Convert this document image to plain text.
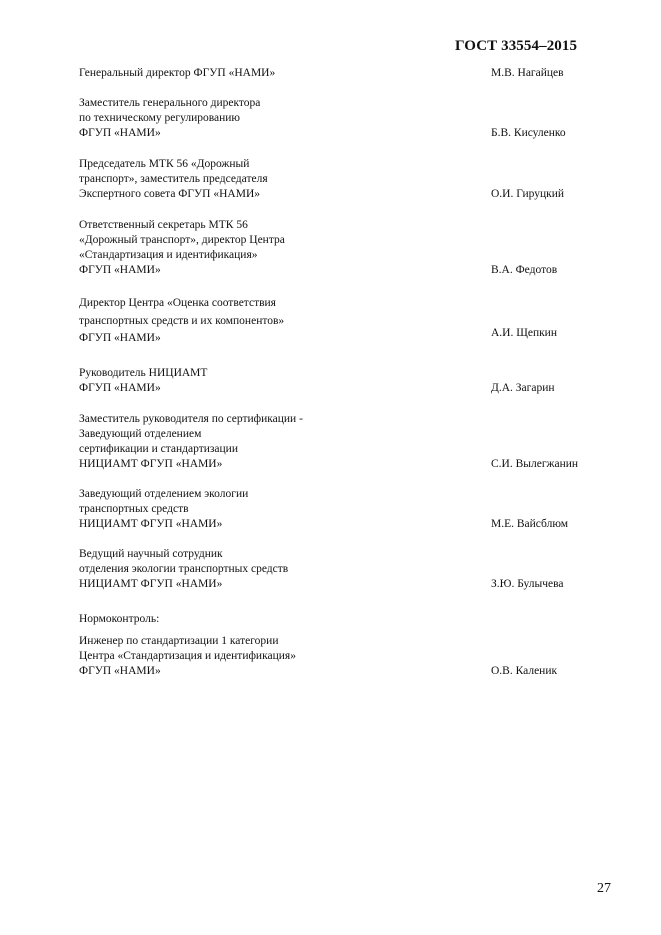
ГОСТ 33554–2015
Генеральный директор ФГУП «НАМИ»	М.В. Нагайцев
Заместитель генерального директора
по техническому регулированию
ФГУП «НАМИ»	Б.В. Кисуленко
Председатель МТК 56 «Дорожный
транспорт», заместитель председателя
Экспертного совета ФГУП «НАМИ»	О.И. Гируцкий
Ответственный секретарь МТК 56
«Дорожный транспорт», директор Центра
«Стандартизация и идентификация»
ФГУП «НАМИ»	В.А. Федотов
Директор Центра «Оценка соответствия
транспортных средств и их компонентов»
ФГУП «НАМИ»	А.И. Щепкин
Руководитель НИЦИАМТ
ФГУП «НАМИ»	Д.А. Загарин
Заместитель руководителя по сертификации -
Заведующий отделением
сертификации и стандартизации
НИЦИАМТ ФГУП «НАМИ»	С.И. Вылегжанин
Заведующий отделением экологии
транспортных средств
НИЦИАМТ ФГУП «НАМИ»	М.Е. Вайсблюм
Ведущий научный сотрудник
отделения экологии транспортных средств
НИЦИАМТ ФГУП «НАМИ»	З.Ю. Булычева
Нормоконтроль:
Инженер по стандартизации 1 категории
Центра «Стандартизация и идентификация»
ФГУП «НАМИ»	О.В. Каленик
27
